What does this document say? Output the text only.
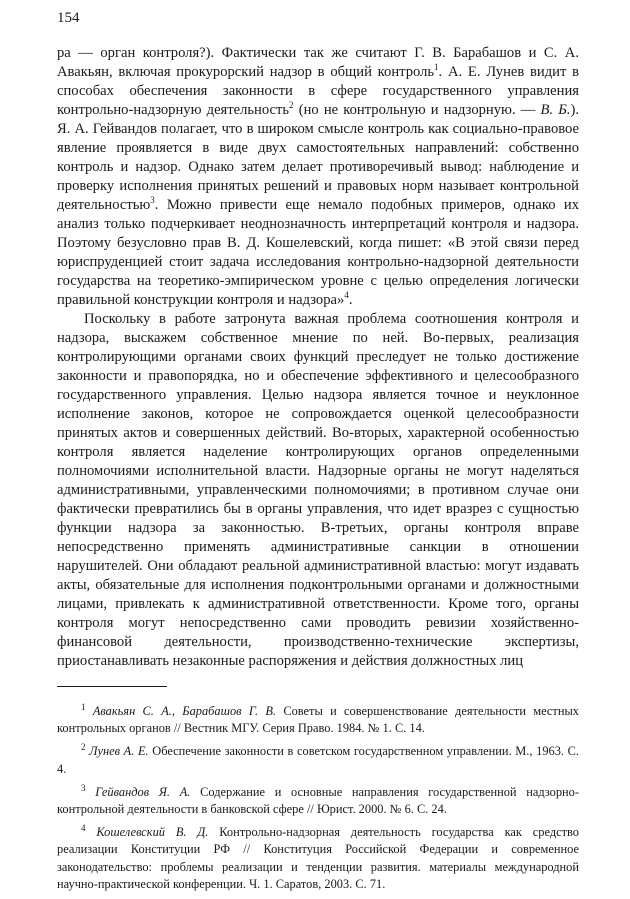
154

ра — орган контроля?). Фактически так же считают Г. В. Барабашов и С. А. Авакьян, включая прокурорский надзор в общий контроль$^1$. А. Е. Лунев видит в способах обеспечения законности в сфере государственного управления контрольно-надзорную деятельность$^2$ (но не контрольную и надзорную. — В. Б.). Я. А. Гейвандов полагает, что в широком смысле контроль как социально-правовое явление проявляется в виде двух самостоятельных направлений: собственно контроль и надзор. Однако затем делает противоречивый вывод: наблюдение и проверку исполнения принятых решений и правовых норм называет контрольной деятельностью$^3$. Можно привести еще немало подобных примеров, однако их анализ только подчеркивает неоднозначность интерпретаций контроля и надзора. Поэтому безусловно прав В. Д. Кошелевский, когда пишет: «В этой связи перед юриспруденцией стоит задача исследования контрольно-надзорной деятельности государства на теоретико-эмпирическом уровне с целью определения логически правильной конструкции контроля и надзора»$^4$.

Поскольку в работе затронута важная проблема соотношения контроля и надзора, выскажем собственное мнение по ней. Во-первых, реализация контролирующими органами своих функций преследует не только достижение законности и правопорядка, но и обеспечение эффективного и целесообразного государственного управления. Целью надзора является точное и неуклонное исполнение законов, которое не сопровождается оценкой целесообразности принятых актов и совершенных действий. Во-вторых, характерной особенностью контроля является наделение контролирующих органов определенными полномочиями исполнительной власти. Надзорные органы не могут наделяться административными, управленческими полномочиями; в противном случае они фактически превратились бы в органы управления, что идет вразрез с сущностью функции надзора за законностью. В-третьих, органы контроля вправе непосредственно применять административные санкции в отношении нарушителей. Они обладают реальной административной властью: могут издавать акты, обязательные для исполнения подконтрольными органами и должностными лицами, привлекать к административной ответственности. Кроме того, органы контроля могут непосредственно сами проводить ревизии хозяйственно-финансовой деятельности, производственно-технические экспертизы, приостанавливать незаконные распоряжения и действия должностных лиц

$^1$ Авакьян С. А., Барабашов Г. В. Советы и совершенствование деятельности местных контрольных органов // Вестник МГУ. Серия Право. 1984. № 1. С. 14.

$^2$ Лунев А. Е. Обеспечение законности в советском государственном управлении. М., 1963. С. 4.

$^3$ Гейвандов Я. А. Содержание и основные направления государственной надзорно-контрольной деятельности в банковской сфере // Юрист. 2000. № 6. С. 24.

$^4$ Кошелевский В. Д. Контрольно-надзорная деятельность государства как средство реализации Конституции РФ // Конституция Российской Федерации и современное законодательство: проблемы реализации и тенденции развития. материалы международной научно-практической конференции. Ч. 1. Саратов, 2003. С. 71.
